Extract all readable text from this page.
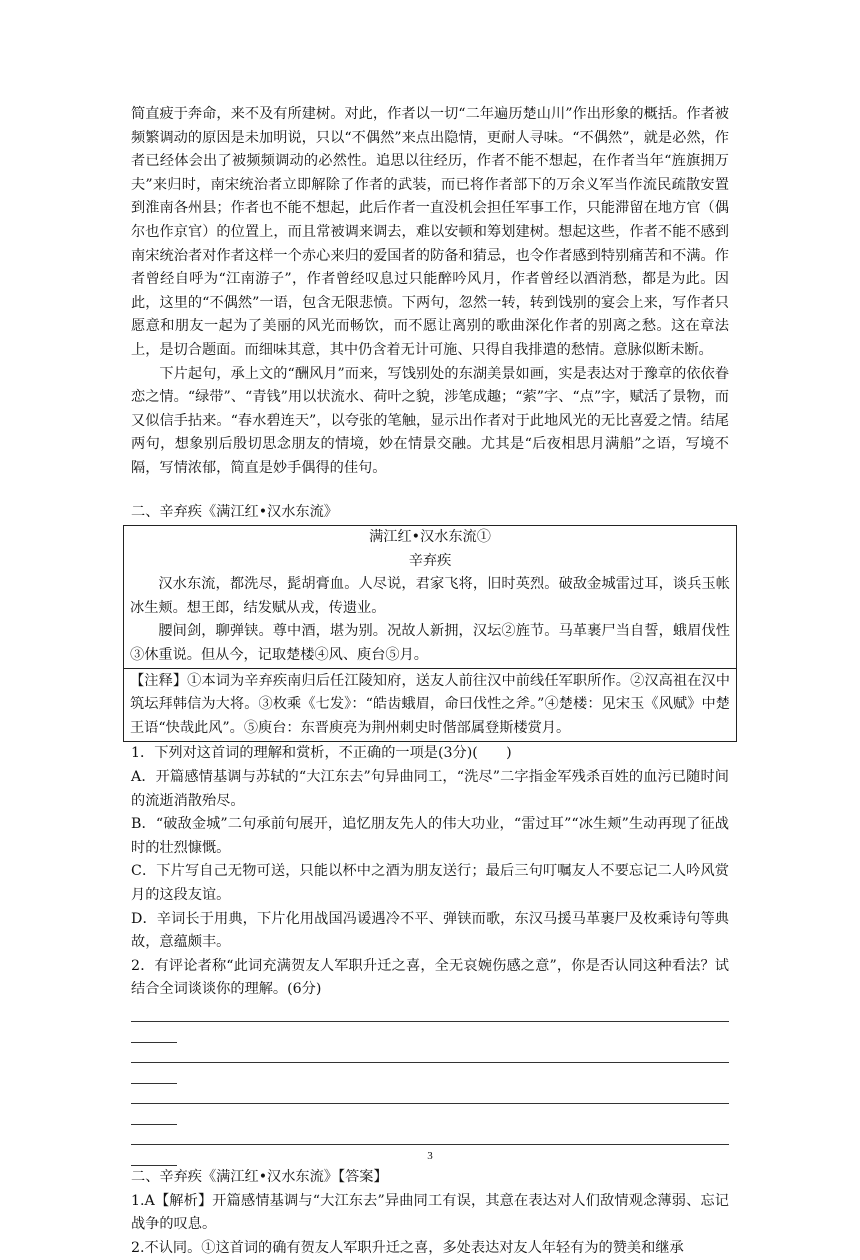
简直疲于奔命，来不及有所建树。对此，作者以一切“二年遍历楚山川”作出形象的概括。作者被频繁调动的原因是未加明说，只以“不偶然”来点出隐情，更耐人寻味。“不偶然”，就是必然，作者已经体会出了被频频调动的必然性。追思以往经历，作者不能不想起，在作者当年“旌旗拥万夫”来归时，南宋统治者立即解除了作者的武装，而已将作者部下的万余义军当作流民疏散安置到淮南各州县；作者也不能不想起，此后作者一直没机会担任军事工作，只能滞留在地方官（偶尔也作京官）的位置上，而且常被调来调去，难以安顿和筹划建树。想起这些，作者不能不感到南宋统治者对作者这样一个赤心来归的爱国者的防备和猜忌，也令作者感到特别痛苦和不满。作者曾经自呼为“江南游子”，作者曾经叹息过只能醉吟风月，作者曾经以酒消愁，都是为此。因此，这里的“不偶然”一语，包含无限悲愤。下两句，忽然一转，转到饯别的宴会上来，写作者只愿意和朋友一起为了美丽的风光而畅饮，而不愿让离别的歌曲深化作者的别离之愁。这在章法上，是切合题面。而细味其意，其中仍含着无计可施、只得自我排遣的愁情。意脉似断未断。

下片起句，承上文的“酬风月”而来，写饯别处的东湖美景如画，实是表达对于豫章的依依眷恋之情。“绿带”、“青钱”用以状流水、荷叶之貌，涉笔成趣；“萦”字、“点”字，赋活了景物，而又似信手拈来。“春水碧连天”，以夸张的笔触，显示出作者对于此地风光的无比喜爱之情。结尾两句，想象别后殷切思念朋友的情境，妙在情景交融。尤其是“后夜相思月满船”之语，写境不隔，写情浓郁，简直是妙手偶得的佳句。

二、辛弃疾《满江红•汉水东流》

满江红•汉水东流①

辛弃疾

汉水东流，都洗尽，髭胡膏血。人尽说，君家飞将，旧时英烈。破敌金城雷过耳，谈兵玉帐冰生颊。想王郎，结发赋从戎，传遗业。

腰间剑，聊弹铗。尊中酒，堪为别。况故人新拥，汉坛②旌节。马革裹尸当自誓，蛾眉伐性③休重说。但从今，记取楚楼④风、庾台⑤月。

【注释】①本词为辛弃疾南归后任江陵知府，送友人前往汉中前线任军职所作。②汉高祖在汉中筑坛拜韩信为大将。③枚乘《七发》：“皓齿蛾眉，命曰伐性之斧。”④楚楼：见宋玉《风赋》中楚王语“快哉此风”。⑤庾台：东晋庾亮为荆州刺史时偕部属登斯楼赏月。

1．下列对这首词的理解和赏析，不正确的一项是(3分)(　　)

A．开篇感情基调与苏轼的“大江东去”句异曲同工，“洗尽”二字指金军残杀百姓的血污已随时间的流逝消散殆尽。

B．“破敌金城”二句承前句展开，追忆朋友先人的伟大功业，“雷过耳”“冰生颊”生动再现了征战时的壮烈慷慨。

C．下片写自己无物可送，只能以杯中之酒为朋友送行；最后三句叮嘱友人不要忘记二人吟风赏月的这段友谊。

D．辛词长于用典，下片化用战国冯谖遇冷不平、弹铗而歌，东汉马援马革裹尸及枚乘诗句等典故，意蕴颇丰。

2．有评论者称“此词充满贺友人军职升迁之喜，全无哀婉伤感之意”，你是否认同这种看法？试结合全词谈谈你的理解。(6分)

二、辛弃疾《满江红•汉水东流》【答案】

1.A【解析】开篇感情基调与“大江东去”异曲同工有误，其意在表达对人们敌情观念薄弱、忘记战争的叹息。

2.不认同。①这首词的确有贺友人军职升迁之喜，多处表达对友人年轻有为的赞美和继承

3
